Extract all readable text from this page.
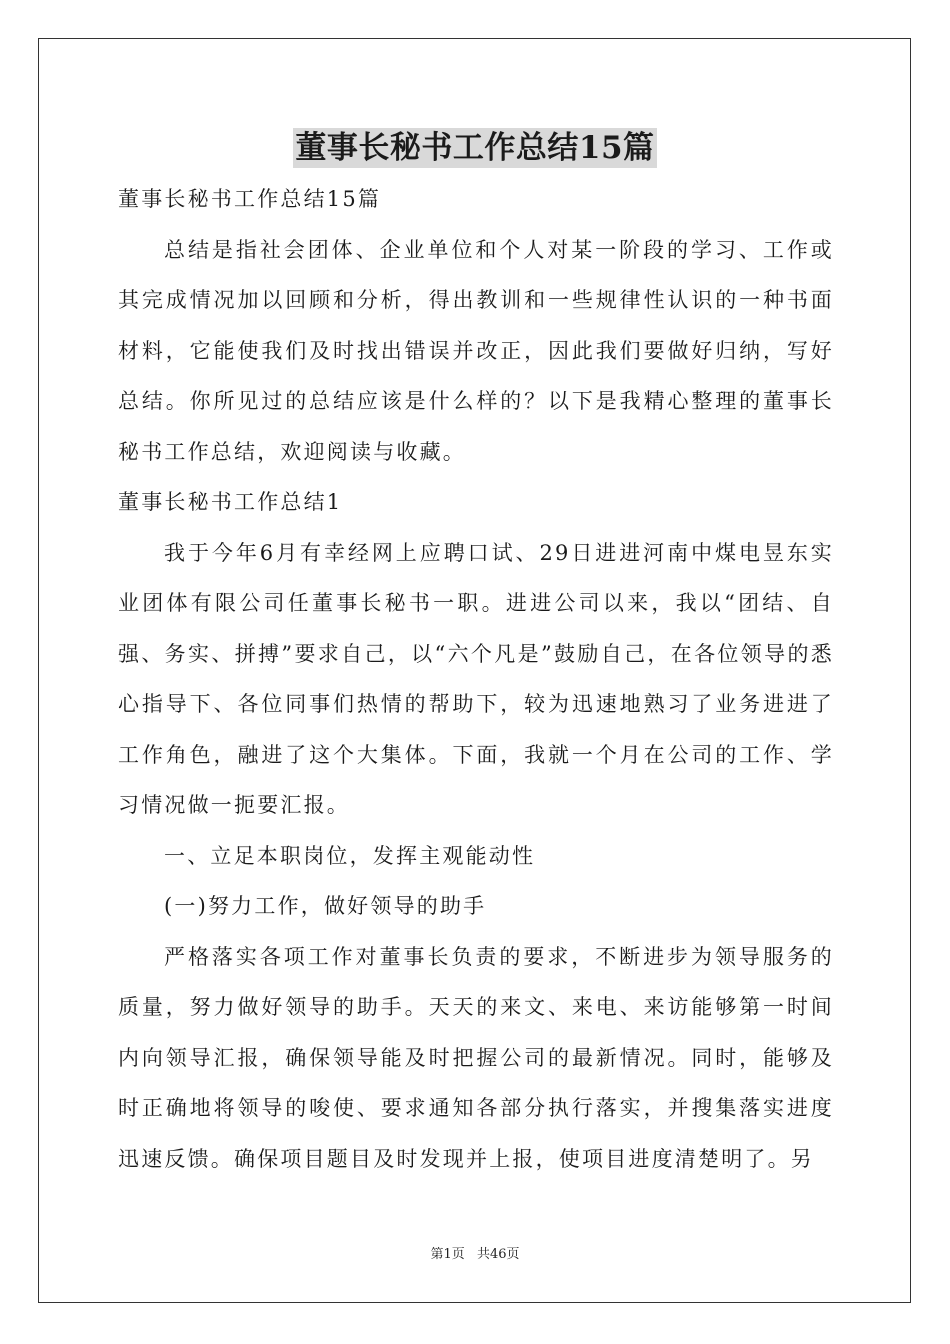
董事长秘书工作总结15篇

董事长秘书工作总结15篇

总结是指社会团体、企业单位和个人对某一阶段的学习、工作或其完成情况加以回顾和分析，得出教训和一些规律性认识的一种书面材料，它能使我们及时找出错误并改正，因此我们要做好归纳，写好总结。你所见过的总结应该是什么样的？以下是我精心整理的董事长秘书工作总结，欢迎阅读与收藏。

董事长秘书工作总结1

我于今年6月有幸经网上应聘口试、29日进进河南中煤电昱东实业团体有限公司任董事长秘书一职。进进公司以来，我以“团结、自强、务实、拼搏”要求自己，以“六个凡是”鼓励自己，在各位领导的悉心指导下、各位同事们热情的帮助下，较为迅速地熟习了业务进进了工作角色，融进了这个大集体。下面，我就一个月在公司的工作、学习情况做一扼要汇报。

一、立足本职岗位，发挥主观能动性

(一)努力工作，做好领导的助手

严格落实各项工作对董事长负责的要求，不断进步为领导服务的质量，努力做好领导的助手。天天的来文、来电、来访能够第一时间内向领导汇报，确保领导能及时把握公司的最新情况。同时，能够及时正确地将领导的唆使、要求通知各部分执行落实，并搜集落实进度迅速反馈。确保项目题目及时发现并上报，使项目进度清楚明了。另

第1页 共46页
